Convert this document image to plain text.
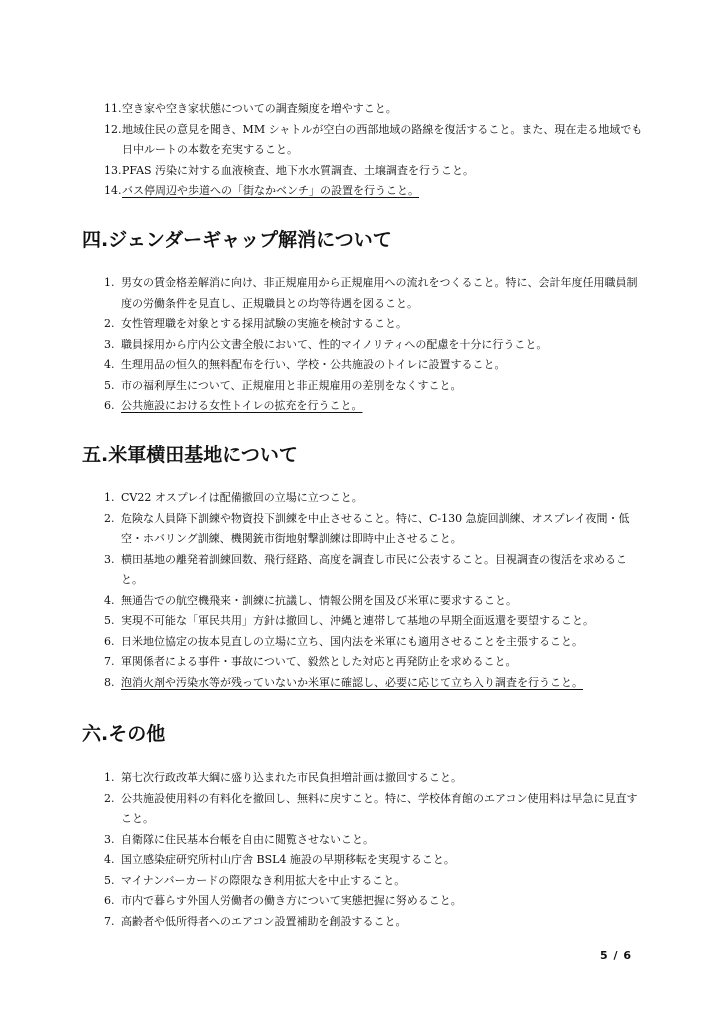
11. 空き家や空き家状態についての調査頻度を増やすこと。
12. 地域住民の意見を聞き、MM シャトルが空白の西部地域の路線を復活すること。また、現在走る地域でも日中ルートの本数を充実すること。
13. PFAS 汚染に対する血液検査、地下水水質調査、土壌調査を行うこと。
14. バス停周辺や歩道への「街なかベンチ」の設置を行うこと。
四.ジェンダーギャップ解消について
1. 男女の賃金格差解消に向け、非正規雇用から正規雇用への流れをつくること。特に、会計年度任用職員制度の労働条件を見直し、正規職員との均等待遇を図ること。
2. 女性管理職を対象とする採用試験の実施を検討すること。
3. 職員採用から庁内公文書全般において、性的マイノリティへの配慮を十分に行うこと。
4. 生理用品の恒久的無料配布を行い、学校・公共施設のトイレに設置すること。
5. 市の福利厚生について、正規雇用と非正規雇用の差別をなくすこと。
6. 公共施設における女性トイレの拡充を行うこと。
五.米軍横田基地について
1. CV22 オスプレイは配備撤回の立場に立つこと。
2. 危険な人員降下訓練や物資投下訓練を中止させること。特に、C-130 急旋回訓練、オスプレイ夜間・低空・ホバリング訓練、機関銃市街地射撃訓練は即時中止させること。
3. 横田基地の離発着訓練回数、飛行経路、高度を調査し市民に公表すること。目視調査の復活を求めること。
4. 無通告での航空機飛来・訓練に抗議し、情報公開を国及び米軍に要求すること。
5. 実現不可能な「軍民共用」方針は撤回し、沖縄と連帯して基地の早期全面返還を要望すること。
6. 日米地位協定の抜本見直しの立場に立ち、国内法を米軍にも適用させることを主張すること。
7. 軍関係者による事件・事故について、毅然とした対応と再発防止を求めること。
8. 泡消火剤や汚染水等が残っていないか米軍に確認し、必要に応じて立ち入り調査を行うこと。
六.その他
1. 第七次行政改革大綱に盛り込まれた市民負担増計画は撤回すること。
2. 公共施設使用料の有料化を撤回し、無料に戻すこと。特に、学校体育館のエアコン使用料は早急に見直すこと。
3. 自衛隊に住民基本台帳を自由に閲覧させないこと。
4. 国立感染症研究所村山庁舎 BSL4 施設の早期移転を実現すること。
5. マイナンバーカードの際限なき利用拡大を中止すること。
6. 市内で暮らす外国人労働者の働き方について実態把握に努めること。
7. 高齢者や低所得者へのエアコン設置補助を創設すること。
5 / 6
